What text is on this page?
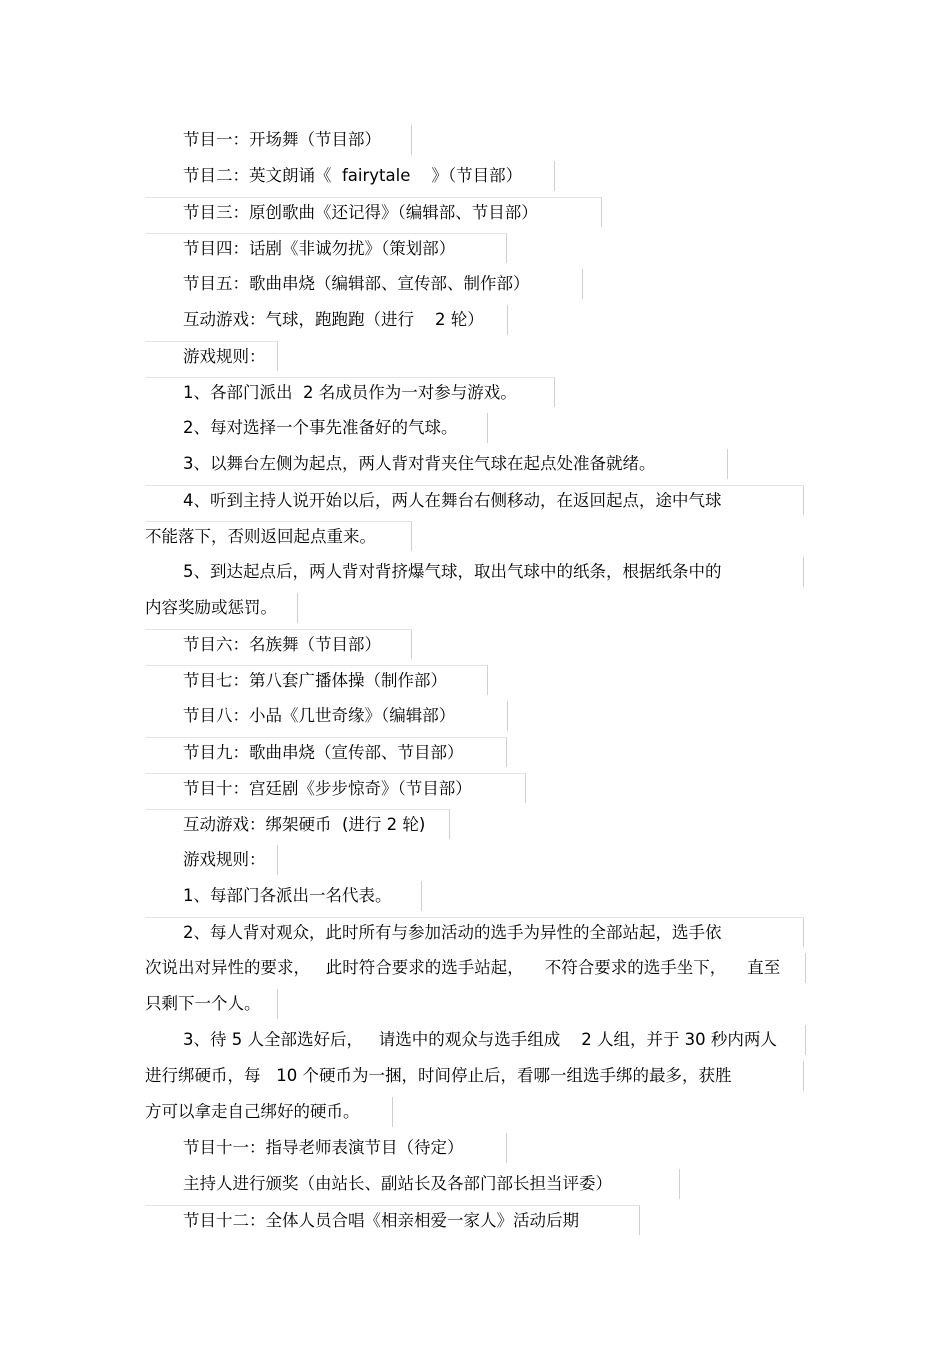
节目一：开场舞（节目部）
节目二：英文朗诵《  fairytale    》（节目部）
节目三：原创歌曲《还记得》（编辑部、节目部）
节目四：话剧《非诚勿扰》（策划部）
节目五：歌曲串烧（编辑部、宣传部、制作部）
互动游戏：气球，跑跑跑（进行    2 轮）
游戏规则：
1、各部门派出  2 名成员作为一对参与游戏。
2、每对选择一个事先准备好的气球。
3、以舞台左侧为起点，两人背对背夹住气球在起点处准备就绪。
4、听到主持人说开始以后，两人在舞台右侧移动，在返回起点，途中气球
不能落下，否则返回起点重来。
5、到达起点后，两人背对背挤爆气球，取出气球中的纸条，根据纸条中的
内容奖励或惩罚。
节目六：名族舞（节目部）
节目七：第八套广播体操（制作部）
节目八：小品《几世奇缘》（编辑部）
节目九：歌曲串烧（宣传部、节目部）
节目十：宫廷剧《步步惊奇》（节目部）
互动游戏：绑架硬币  (进行 2 轮)
游戏规则：
1、每部门各派出一名代表。
2、每人背对观众，此时所有与参加活动的选手为异性的全部站起，选手依
次说出对异性的要求，   此时符合要求的选手站起，    不符合要求的选手坐下，    直至
只剩下一个人。
3、待 5 人全部选好后，   请选中的观众与选手组成    2 人组，并于 30 秒内两人
进行绑硬币，每   10 个硬币为一捆，时间停止后，看哪一组选手绑的最多，获胜
方可以拿走自己绑好的硬币。
节目十一：指导老师表演节目（待定）
主持人进行颁奖（由站长、副站长及各部门部长担当评委）
节目十二：全体人员合唱《相亲相爱一家人》活动后期
